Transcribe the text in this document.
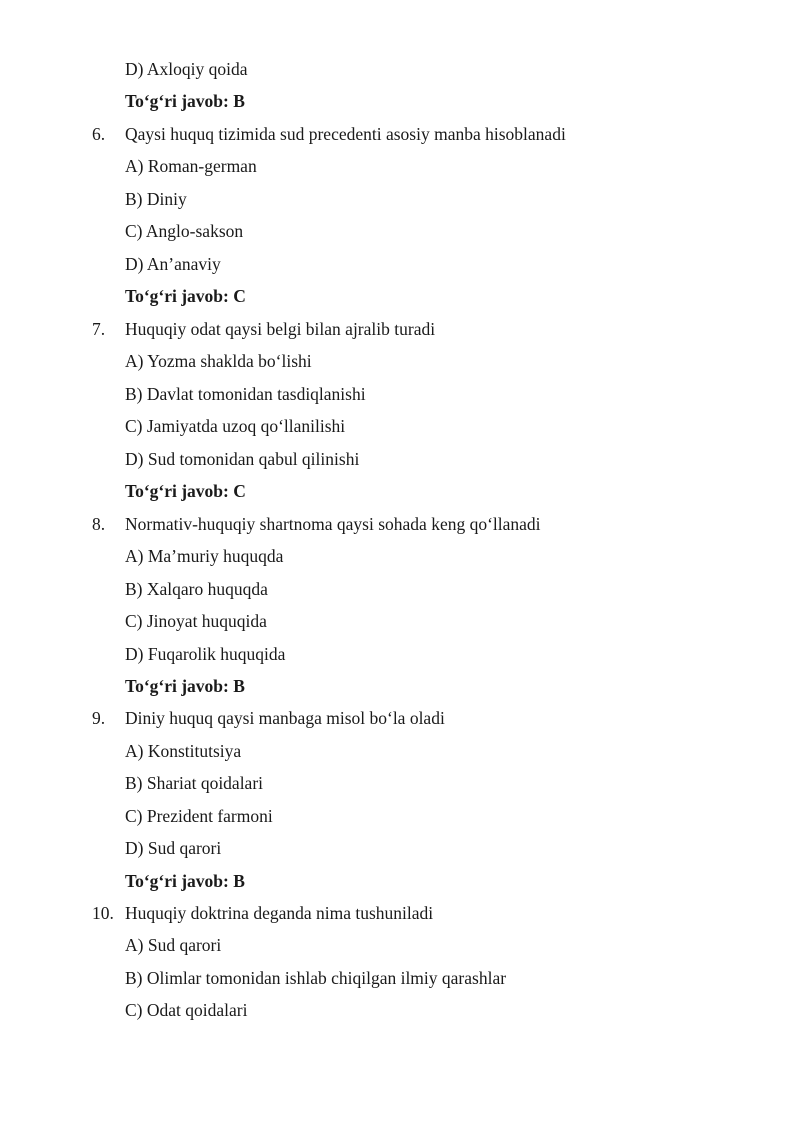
D) Axloqiy qoida
To‘g‘ri javob: B
6. Qaysi huquq tizimida sud precedenti asosiy manba hisoblanadi
A) Roman-german
B) Diniy
C) Anglo-sakson
D) An’anaviy
To‘g‘ri javob: C
7. Huquqiy odat qaysi belgi bilan ajralib turadi
A) Yozma shaklda bo‘lishi
B) Davlat tomonidan tasdiqlanishi
C) Jamiyatda uzoq qo‘llanilishi
D) Sud tomonidan qabul qilinishi
To‘g‘ri javob: C
8. Normativ-huquqiy shartnoma qaysi sohada keng qo‘llanadi
A) Ma’muriy huquqda
B) Xalqaro huquqda
C) Jinoyat huquqida
D) Fuqarolik huquqida
To‘g‘ri javob: B
9. Diniy huquq qaysi manbaga misol bo‘la oladi
A) Konstitutsiya
B) Shariat qoidalari
C) Prezident farmoni
D) Sud qarori
To‘g‘ri javob: B
10. Huquqiy doktrina deganda nima tushuniladi
A) Sud qarori
B) Olimlar tomonidan ishlab chiqilgan ilmiy qarashlar
C) Odat qoidalari
